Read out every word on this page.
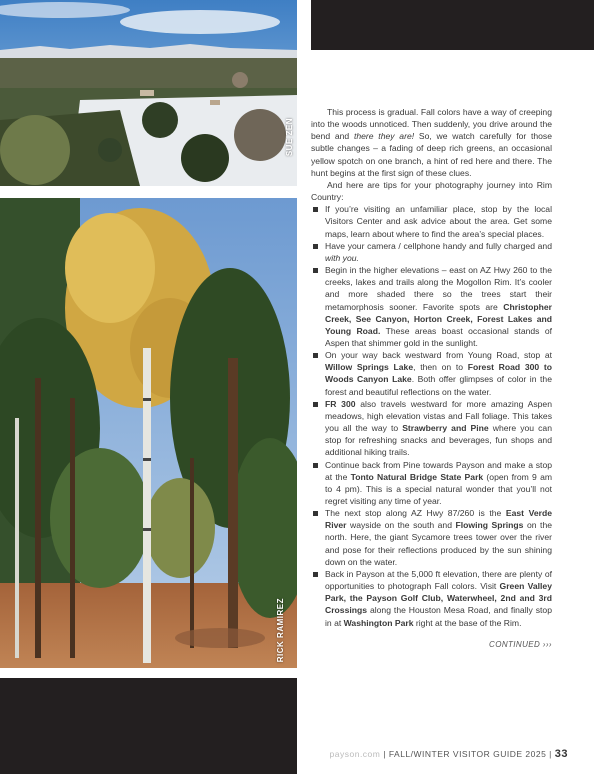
SUE ZEN
RICK RAMIREZ

This process is gradual. Fall colors have a way of creeping into the woods unnoticed. Then suddenly, you drive around the bend and there they are! So, we watch carefully for those subtle changes – a fading of deep rich greens, an occasional yellow spotch on one branch, a hint of red here and there. The hunt begins at the first sign of these clues.

And here are tips for your photography journey into Rim Country:

If you’re visiting an unfamiliar place, stop by the local Visitors Center and ask advice about the area. Get some maps, learn about where to find the area’s special places.
Have your camera / cellphone handy and fully charged and with you.
Begin in the higher elevations – east on AZ Hwy 260 to the creeks, lakes and trails along the Mogollon Rim. It’s cooler and more shaded there so the trees start their metamorphosis sooner. Favorite spots are Christopher Creek, See Canyon, Horton Creek, Forest Lakes and Young Road. These areas boast occasional stands of Aspen that shimmer gold in the sunlight.
On your way back westward from Young Road, stop at Willow Springs Lake, then on to Forest Road 300 to Woods Canyon Lake. Both offer glimpses of color in the forest and beautiful reflections on the water.
FR 300 also travels westward for more amazing Aspen meadows, high elevation vistas and Fall foliage. This takes you all the way to Strawberry and Pine where you can stop for refreshing snacks and beverages, fun shops and additional hiking trails.
Continue back from Pine towards Payson and make a stop at the Tonto Natural Bridge State Park (open from 9 am to 4 pm). This is a special natural wonder that you’ll not regret visiting any time of year.
The next stop along AZ Hwy 87/260 is the East Verde River wayside on the south and Flowing Springs on the north. Here, the giant Sycamore trees tower over the river and pose for their reflections produced by the sun shining down on the water.
Back in Payson at the 5,000 ft elevation, there are plenty of opportunities to photograph Fall colors. Visit Green Valley Park, the Payson Golf Club, Waterwheel, 2nd and 3rd Crossings along the Houston Mesa Road, and finally stop in at Washington Park right at the base of the Rim.
CONTINUED ›››
payson.com | FALL/WINTER VISITOR GUIDE 2025 | 33
